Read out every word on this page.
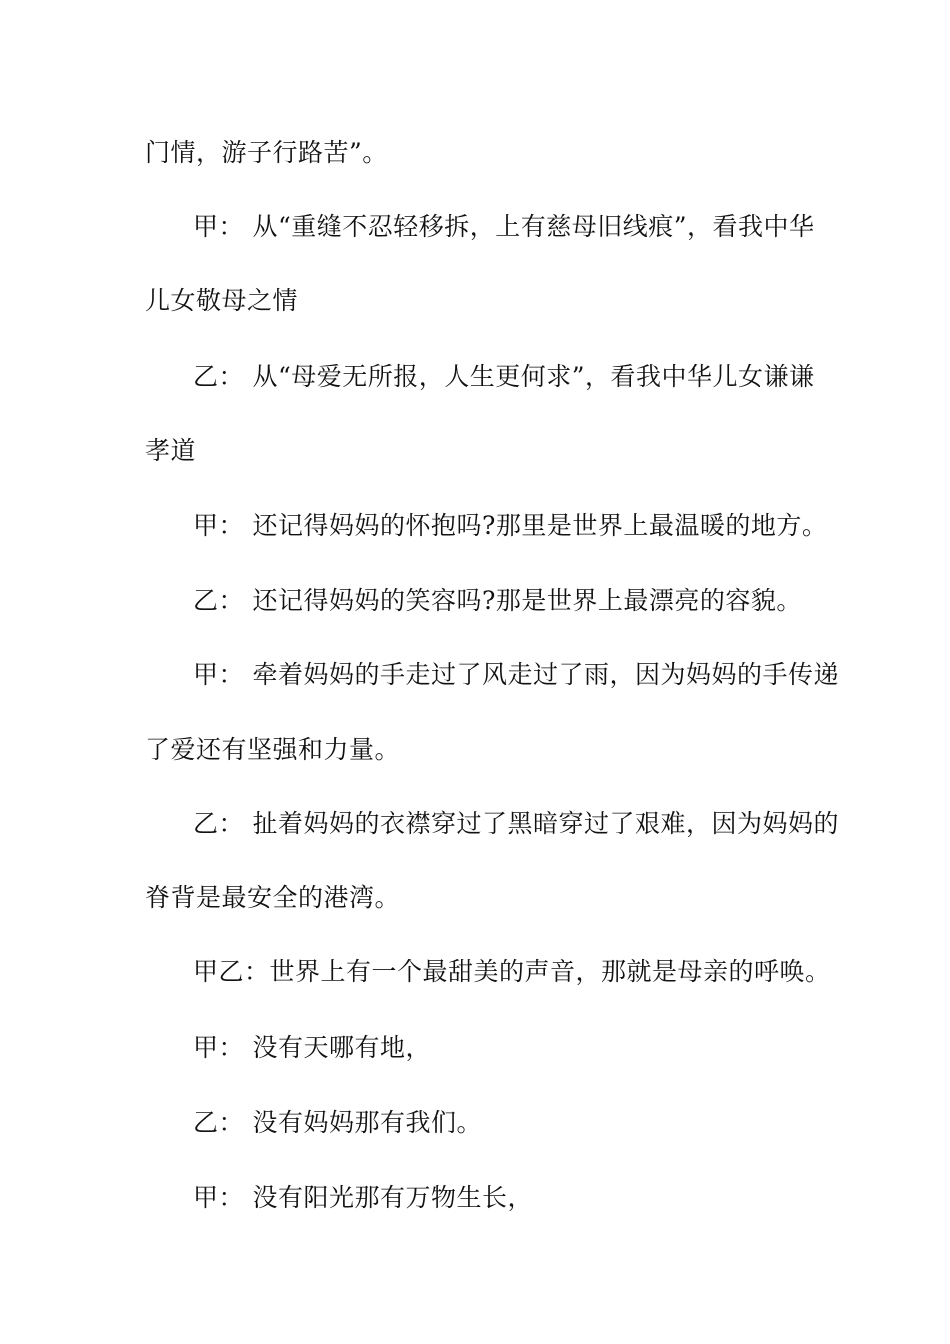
门情，游子行路苦”。
甲： 从“重缝不忍轻移拆，上有慈母旧线痕”，看我中华
儿女敬母之情
乙： 从“母爱无所报，人生更何求”，看我中华儿女谦谦
孝道
甲： 还记得妈妈的怀抱吗?那里是世界上最温暖的地方。
乙： 还记得妈妈的笑容吗?那是世界上最漂亮的容貌。
甲： 牵着妈妈的手走过了风走过了雨，因为妈妈的手传递
了爱还有坚强和力量。
乙： 扯着妈妈的衣襟穿过了黑暗穿过了艰难，因为妈妈的
脊背是最安全的港湾。
甲乙：世界上有一个最甜美的声音，那就是母亲的呼唤。
甲： 没有天哪有地，
乙： 没有妈妈那有我们。
甲： 没有阳光那有万物生长，
